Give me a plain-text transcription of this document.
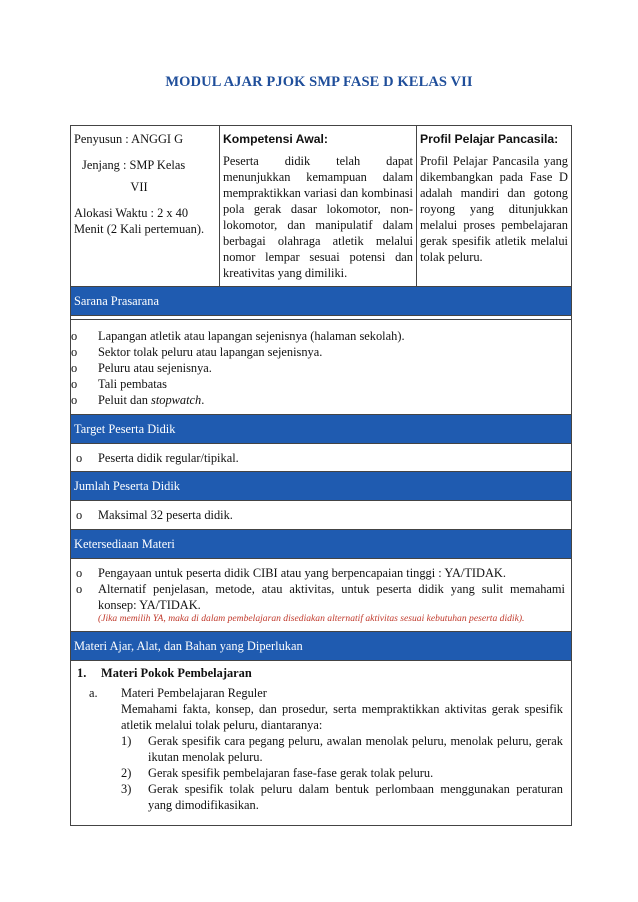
MODUL AJAR PJOK SMP FASE D KELAS VII
Penyusun : ANGGI G
Jenjang : SMP Kelas
VII
Alokasi Waktu : 2 x 40 Menit (2 Kali pertemuan).
Kompetensi Awal:
Peserta didik telah dapat menunjukkan kemampuan dalam mempraktikkan variasi dan kombinasi pola gerak dasar lokomotor, non- lokomotor, dan manipulatif dalam berbagai olahraga atletik melalui nomor lempar sesuai potensi dan kreativitas yang dimiliki.
Profil Pelajar Pancasila:
Profil Pelajar Pancasila yang dikembangkan pada Fase D adalah mandiri dan gotong royong yang ditunjukkan melalui proses pembelajaran gerak spesifik atletik melalui tolak peluru.
Sarana Prasarana
o	Lapangan atletik atau lapangan sejenisnya (halaman sekolah).
o	Sektor tolak peluru atau lapangan sejenisnya.
o	Peluru atau sejenisnya.
o	Tali pembatas
o	Peluit dan stopwatch.
Target Peserta Didik
o	Peserta didik regular/tipikal.
Jumlah Peserta Didik
o	Maksimal 32 peserta didik.
Ketersediaan Materi
o	Pengayaan untuk peserta didik CIBI atau yang berpencapaian tinggi : YA/TIDAK.
o	Alternatif penjelasan, metode, atau aktivitas, untuk peserta didik yang sulit memahami konsep: YA/TIDAK.
(Jika memilih YA, maka di dalam pembelajaran disediakan alternatif aktivitas sesuai kebutuhan peserta didik).
Materi Ajar, Alat, dan Bahan yang Diperlukan
1.	Materi Pokok Pembelajaran
a.	Materi Pembelajaran Reguler
Memahami fakta, konsep, dan prosedur, serta mempraktikkan aktivitas gerak spesifik atletik melalui tolak peluru, diantaranya:
1)	Gerak spesifik cara pegang peluru, awalan menolak peluru, menolak peluru, gerak ikutan menolak peluru.
2)	Gerak spesifik pembelajaran fase-fase gerak tolak peluru.
3)	Gerak spesifik tolak peluru dalam bentuk perlombaan menggunakan peraturan yang dimodifikasikan.
